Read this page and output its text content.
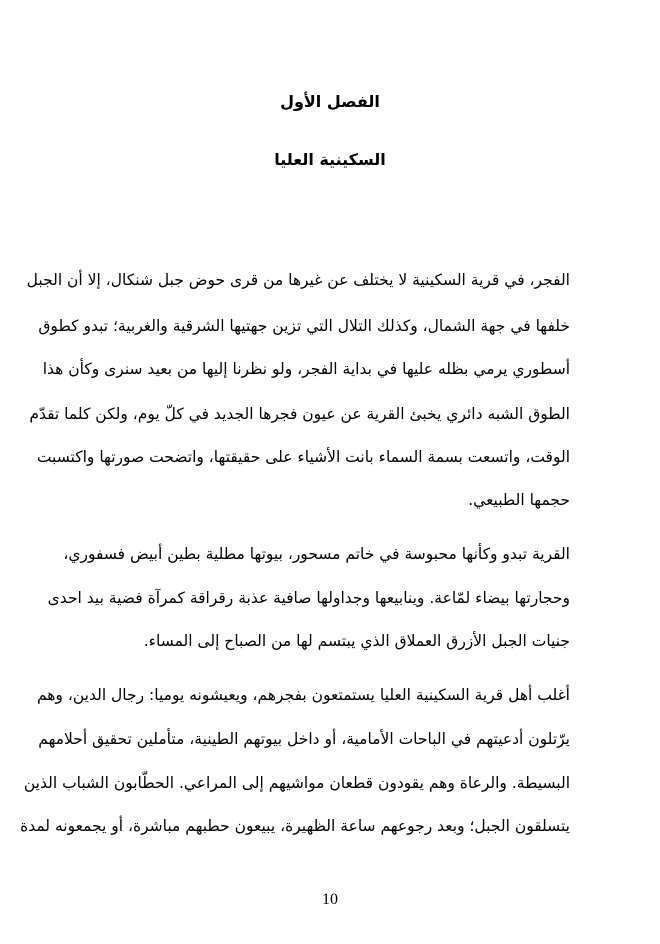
الفصل الأول
السكينية العليا
الفجر، في قرية السكينية لا يختلف عن غيرها من قرى حوض جبل شنكال، إلا أن الجبل
خلفها في جهة الشمال، وكذلك التلال التي تزين جهتيها الشرقية والغربية؛ تبدو كطوق
أسطوري يرمي بظله عليها في بداية الفجر، ولو نظرنا إليها من بعيد سنرى وكأن هذا
الطوق الشبه دائري يخبئ القرية عن عيون فجرها الجديد في كلّ يوم، ولكن كلما تقدّم
الوقت، واتسعت بسمة السماء بانت الأشياء على حقيقتها، واتضحت صورتها واكتسبت
حجمها الطبيعي.
القرية تبدو وكأنها محبوسة في خاتم مسحور، بيوتها مطلية بطين أبيض فسفوري،
وحجارتها بيضاء لمّاعة. وينابيعها وجداولها صافية عذبة رقراقة كمرآة فضية بيد احدى
جنيات الجبل الأزرق العملاق الذي يبتسم لها من الصباح إلى المساء.
أغلب أهل قرية السكينية العليا يستمتعون بفجرهم، ويعيشونه يوميا: رجال الدين، وهم
يرّتلون أدعيتهم في الباحات الأمامية، أو داخل بيوتهم الطينية، متأملين تحقيق أحلامهم
البسيطة. والرعاة وهم يقودون قطعان مواشيهم إلى المراعي. الحطّابون الشباب الذين
يتسلقون الجبل؛ وبعد رجوعهم ساعة الظهيرة، يبيعون حطبهم مباشرة، أو يجمعونه لمدة
10
